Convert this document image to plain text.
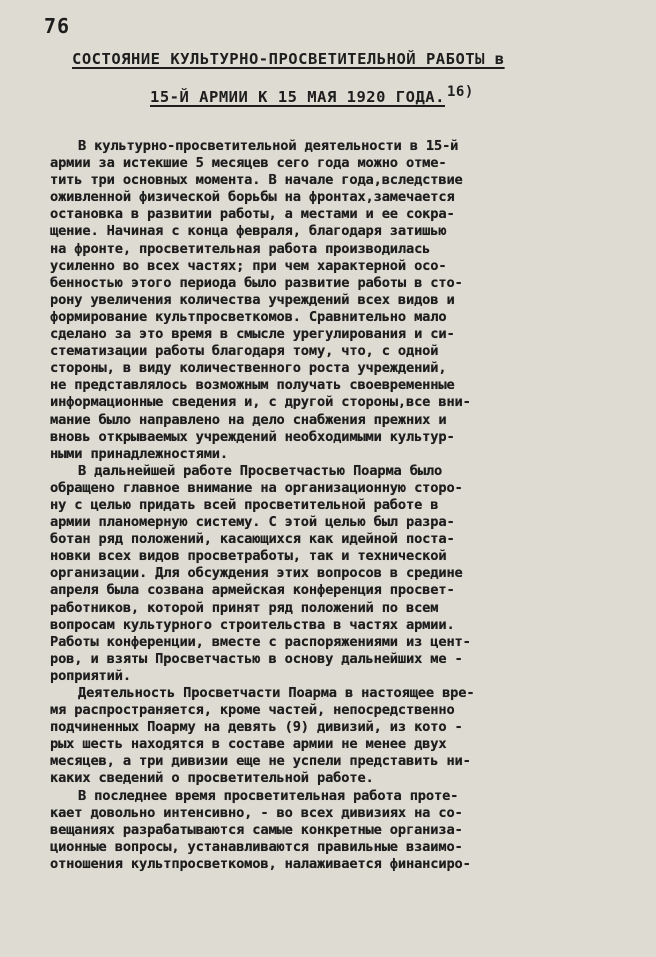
76
СОСТОЯНИЕ КУЛЬТУРНО-ПРОСВЕТИТЕЛЬНОЙ РАБОТЫ в
15-Й АРМИИ К 15 МАЯ 1920 ГОДА. 16)
В культурно-просветительной деятельности в 15-й
армии за истекшие 5 месяцев сего года можно отме-
тить три основных момента. В начале года,вследствие
оживленной физической борьбы на фронтах,замечается
остановка в развитии работы, а местами и ее сокра-
щение. Начиная с конца февраля, благодаря затишью
на фронте, просветительная работа производилась
усиленно во всех частях; при чем характерной осо-
бенностью этого периода было развитие работы в сто-
рону увеличения количества учреждений всех видов и
формирование культпросветкомов. Сравнительно мало
сделано за это время в смысле урегулирования и си-
стематизации работы благодаря тому, что, с одной
стороны, в виду количественного роста учреждений,
не представлялось возможным получать своевременные
информационные сведения и, с другой стороны,все вни-
мание было направлено на дело снабжения прежних и
вновь открываемых учреждений необходимыми культур-
ными принадлежностями.
В дальнейшей работе Просветчастью Поарма было
обращено главное внимание на организационную сторо-
ну с целью придать всей просветительной работе в
армии планомерную систему. С этой целью был разра-
ботан ряд положений, касающихся как идейной поста-
новки всех видов просветработы, так и технической
организации. Для обсуждения этих вопросов в средине
апреля была созвана армейская конференция просвет-
работников, которой принят ряд положений по всем
вопросам культурного строительства в частях армии.
Работы конференции, вместе с распоряжениями из цент-
ров, и взяты Просветчастью в основу дальнейших ме -
роприятий.
Деятельность Просветчасти Поарма в настоящее вре-
мя распространяется, кроме частей, непосредственно
подчиненных Поарму на девять (9) дивизий, из кото -
рых шесть находятся в составе армии не менее двух
месяцев, а три дивизии еще не успели представить ни-
каких сведений о просветительной работе.
В последнее время просветительная работа проте-
кает довольно интенсивно, - во всех дивизиях на со-
вещаниях разрабатываются самые конкретные организа-
ционные вопросы, устанавливаются правильные взаимо-
отношения культпросветкомов, налаживается финансиро-
